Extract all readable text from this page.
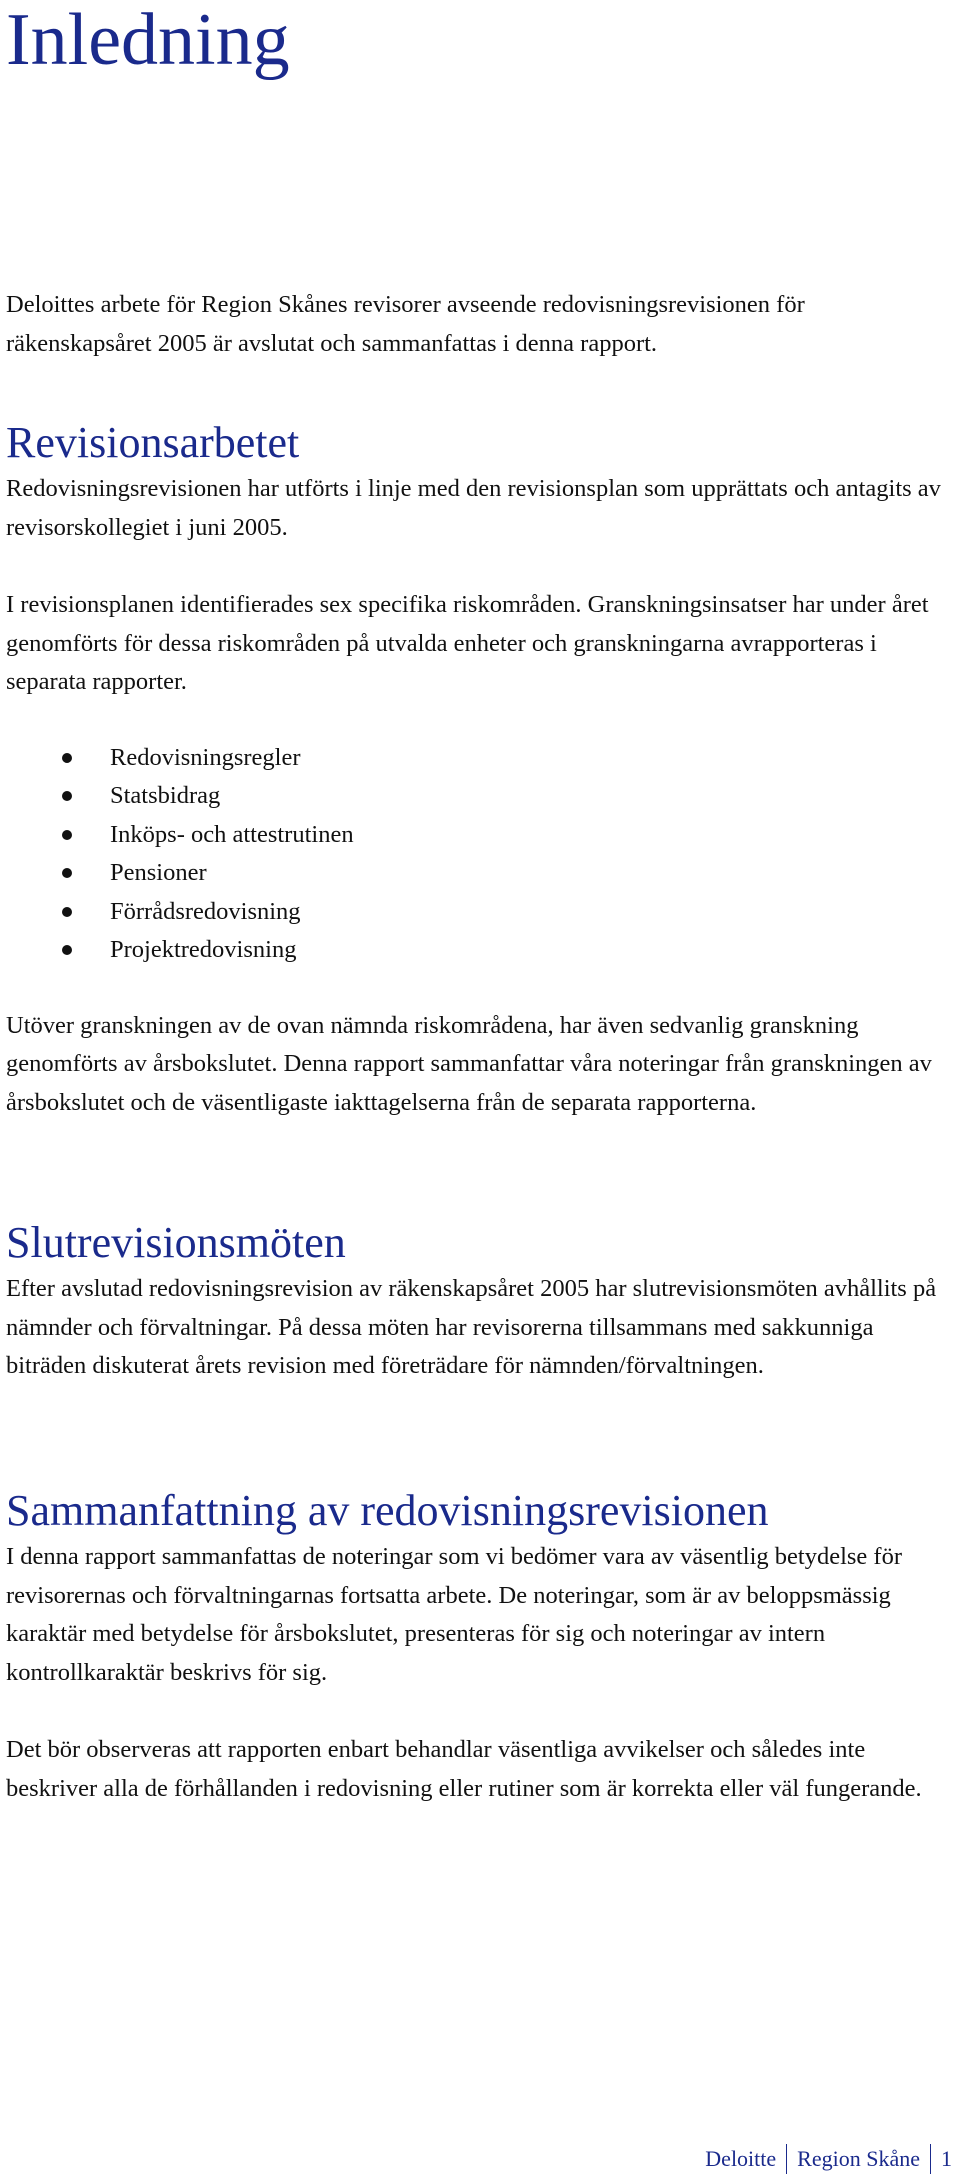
Inledning

Deloittes arbete för Region Skånes revisorer avseende redovisningsrevisionen för räkenskapsåret 2005 är avslutat och sammanfattas i denna rapport.

Revisionsarbetet

Redovisningsrevisionen har utförts i linje med den revisionsplan som upprättats och antagits av revisorskollegiet i juni 2005.

I revisionsplanen identifierades sex specifika riskområden. Granskningsinsatser har under året genomförts för dessa riskområden på utvalda enheter och granskningarna avrapporteras i separata rapporter.

Redovisningsregler
Statsbidrag
Inköps- och attestrutinen
Pensioner
Förrådsredovisning
Projektredovisning

Utöver granskningen av de ovan nämnda riskområdena, har även sedvanlig granskning genomförts av årsbokslutet. Denna rapport sammanfattar våra noteringar från granskningen av årsbokslutet och de väsentligaste iakttagelserna från de separata rapporterna.

Slutrevisionsmöten

Efter avslutad redovisningsrevision av räkenskapsåret 2005 har slutrevisionsmöten avhållits på nämnder och förvaltningar. På dessa möten har revisorerna tillsammans med sakkunniga biträden diskuterat årets revision med företrädare för nämnden/förvaltningen.

Sammanfattning av redovisningsrevisionen

I denna rapport sammanfattas de noteringar som vi bedömer vara av väsentlig betydelse för revisorernas och förvaltningarnas fortsatta arbete. De noteringar, som är av beloppsmässig karaktär med betydelse för årsbokslutet, presenteras för sig och noteringar av intern kontrollkaraktär beskrivs för sig.

Det bör observeras att rapporten enbart behandlar väsentliga avvikelser och således inte beskriver alla de förhållanden i redovisning eller rutiner som är korrekta eller väl fungerande.

Deloitte Region Skåne 1
